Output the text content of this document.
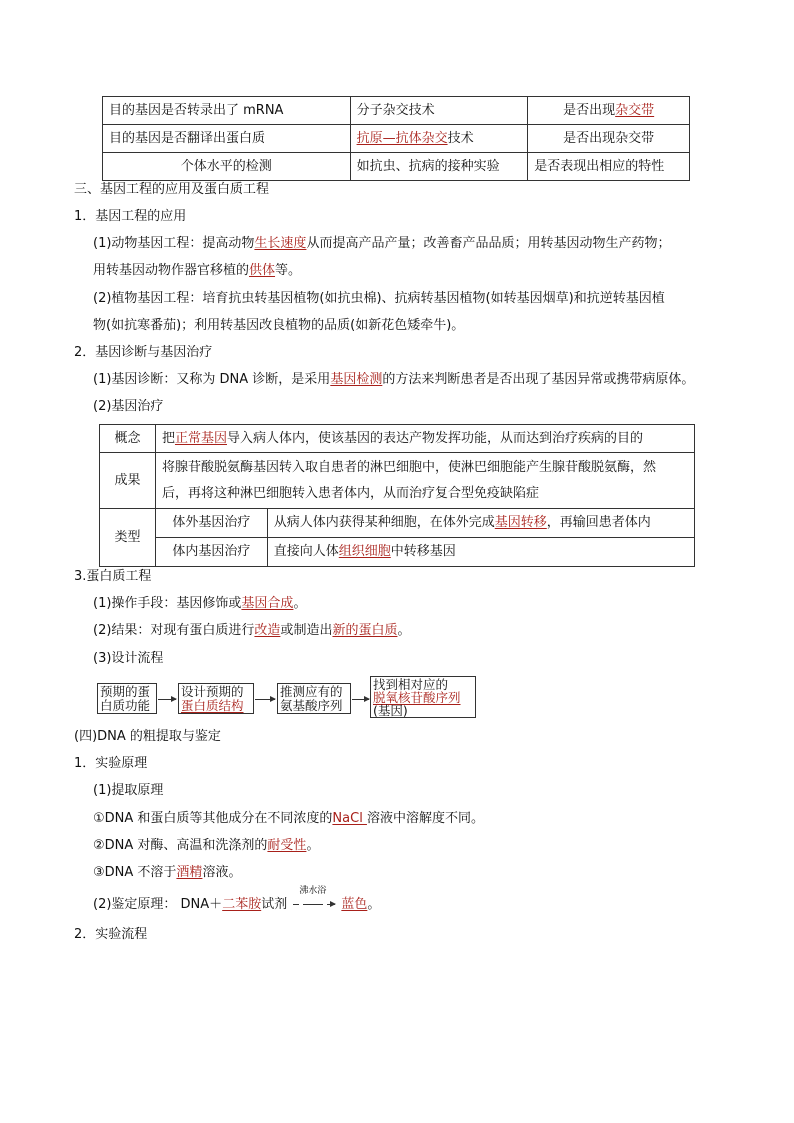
目的基因是否转录出了 mRNA	分子杂交技术	是否出现杂交带
目的基因是否翻译出蛋白质	抗原—抗体杂交技术	是否出现杂交带
个体水平的检测	如抗虫、抗病的接种实验	是否表现出相应的特性
三、基因工程的应用及蛋白质工程
1．基因工程的应用
(1)动物基因工程：提高动物生长速度从而提高产品产量；改善畜产品品质；用转基因动物生产药物；
用转基因动物作器官移植的供体等。
(2)植物基因工程：培育抗虫转基因植物(如抗虫棉)、抗病转基因植物(如转基因烟草)和抗逆转基因植
物(如抗寒番茄)；利用转基因改良植物的品质(如新花色矮牵牛)。
2．基因诊断与基因治疗
(1)基因诊断：又称为 DNA 诊断，是采用基因检测的方法来判断患者是否出现了基因异常或携带病原体。
(2)基因治疗
概念	把正常基因导入病人体内，使该基因的表达产物发挥功能，从而达到治疗疾病的目的	
成果	将腺苷酸脱氨酶基因转入取自患者的淋巴细胞中，使淋巴细胞能产生腺苷酸脱氨酶，然
后，再将这种淋巴细胞转入患者体内，从而治疗复合型免疫缺陷症	

类型	体外基因治疗	从病人体内获得某种细胞，在体外完成基因转移，再输回患者体内
	体内基因治疗	直接向人体组织细胞中转移基因
3.蛋白质工程
(1)操作手段：基因修饰或基因合成。
(2)结果：对现有蛋白质进行改造或制造出新的蛋白质。
(3)设计流程
预期的蛋
白质功能
设计预期的
蛋白质结构
推测应有的
氨基酸序列
找到相对应的
脱氧核苷酸序列
(基因)
(四)DNA 的粗提取与鉴定
1．实验原理
(1)提取原理
①DNA 和蛋白质等其他成分在不同浓度的NaCl 溶液中溶解度不同。
②DNA 对酶、高温和洗涤剂的耐受性。
③DNA 不溶于酒精溶液。
(2)鉴定原理： DNA＋二苯胺试剂
沸水浴
蓝色。
2．实验流程
